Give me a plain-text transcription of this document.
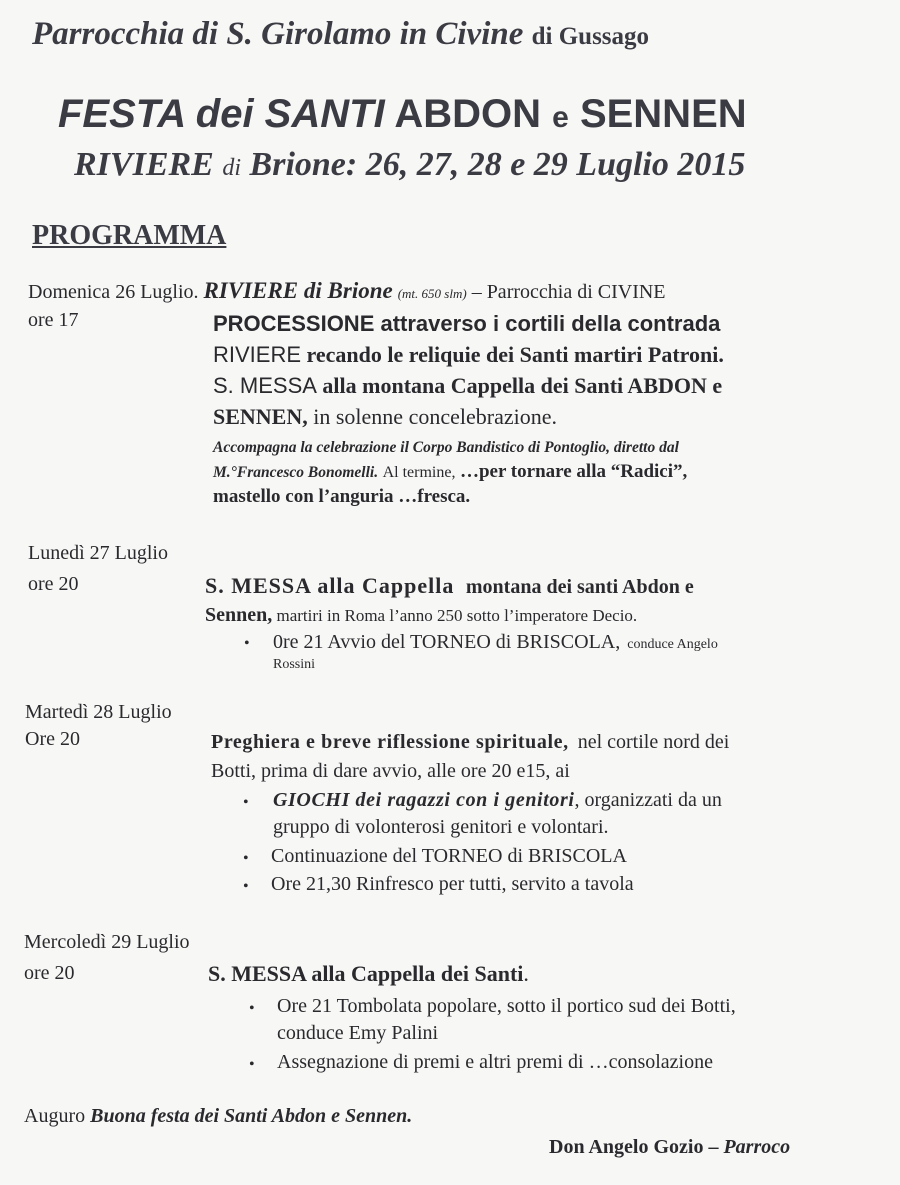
Parrocchia di S. Girolamo in Civine di Gussago
FESTA dei SANTI ABDON e SENNEN
RIVIERE di Brione: 26, 27, 28 e 29 Luglio 2015
PROGRAMMA
Domenica 26 Luglio. RIVIERE di Brione (mt. 650 slm) – Parrocchia di CIVINE
ore 17	PROCESSIONE attraverso i cortili della contrada
RIVIERE recando le reliquie dei Santi martiri Patroni.
S. MESSA alla montana Cappella dei Santi ABDON e
SENNEN, in solenne concelebrazione.
Accompagna la celebrazione il Corpo Bandistico di Pontoglio, diretto dal
M.°Francesco Bonomelli. Al termine, …per tornare alla “Radici”,
mastello con l’anguria …fresca.
Lunedì 27 Luglio
ore 20	S. MESSA alla Cappella montana dei santi Abdon e
Sennen, martiri in Roma l’anno 250 sotto l’imperatore Decio.
• 0re 21 Avvio del TORNEO di BRISCOLA, conduce Angelo
Rossini
Martedì 28 Luglio
Ore 20	Preghiera e breve riflessione spirituale, nel cortile nord dei
Botti, prima di dare avvio, alle ore 20 e15, ai
• GIOCHI dei ragazzi con i genitori, organizzati da un
gruppo di volonterosi genitori e volontari.
• Continuazione del TORNEO di BRISCOLA
• Ore 21,30 Rinfresco per tutti, servito a tavola
Mercoledì 29 Luglio
ore 20	S. MESSA alla Cappella dei Santi.
• Ore 21 Tombolata popolare, sotto il portico sud dei Botti,
conduce Emy Palini
• Assegnazione di premi e altri premi di …consolazione
Auguro Buona festa dei Santi Abdon e Sennen.
Don Angelo Gozio – Parroco
